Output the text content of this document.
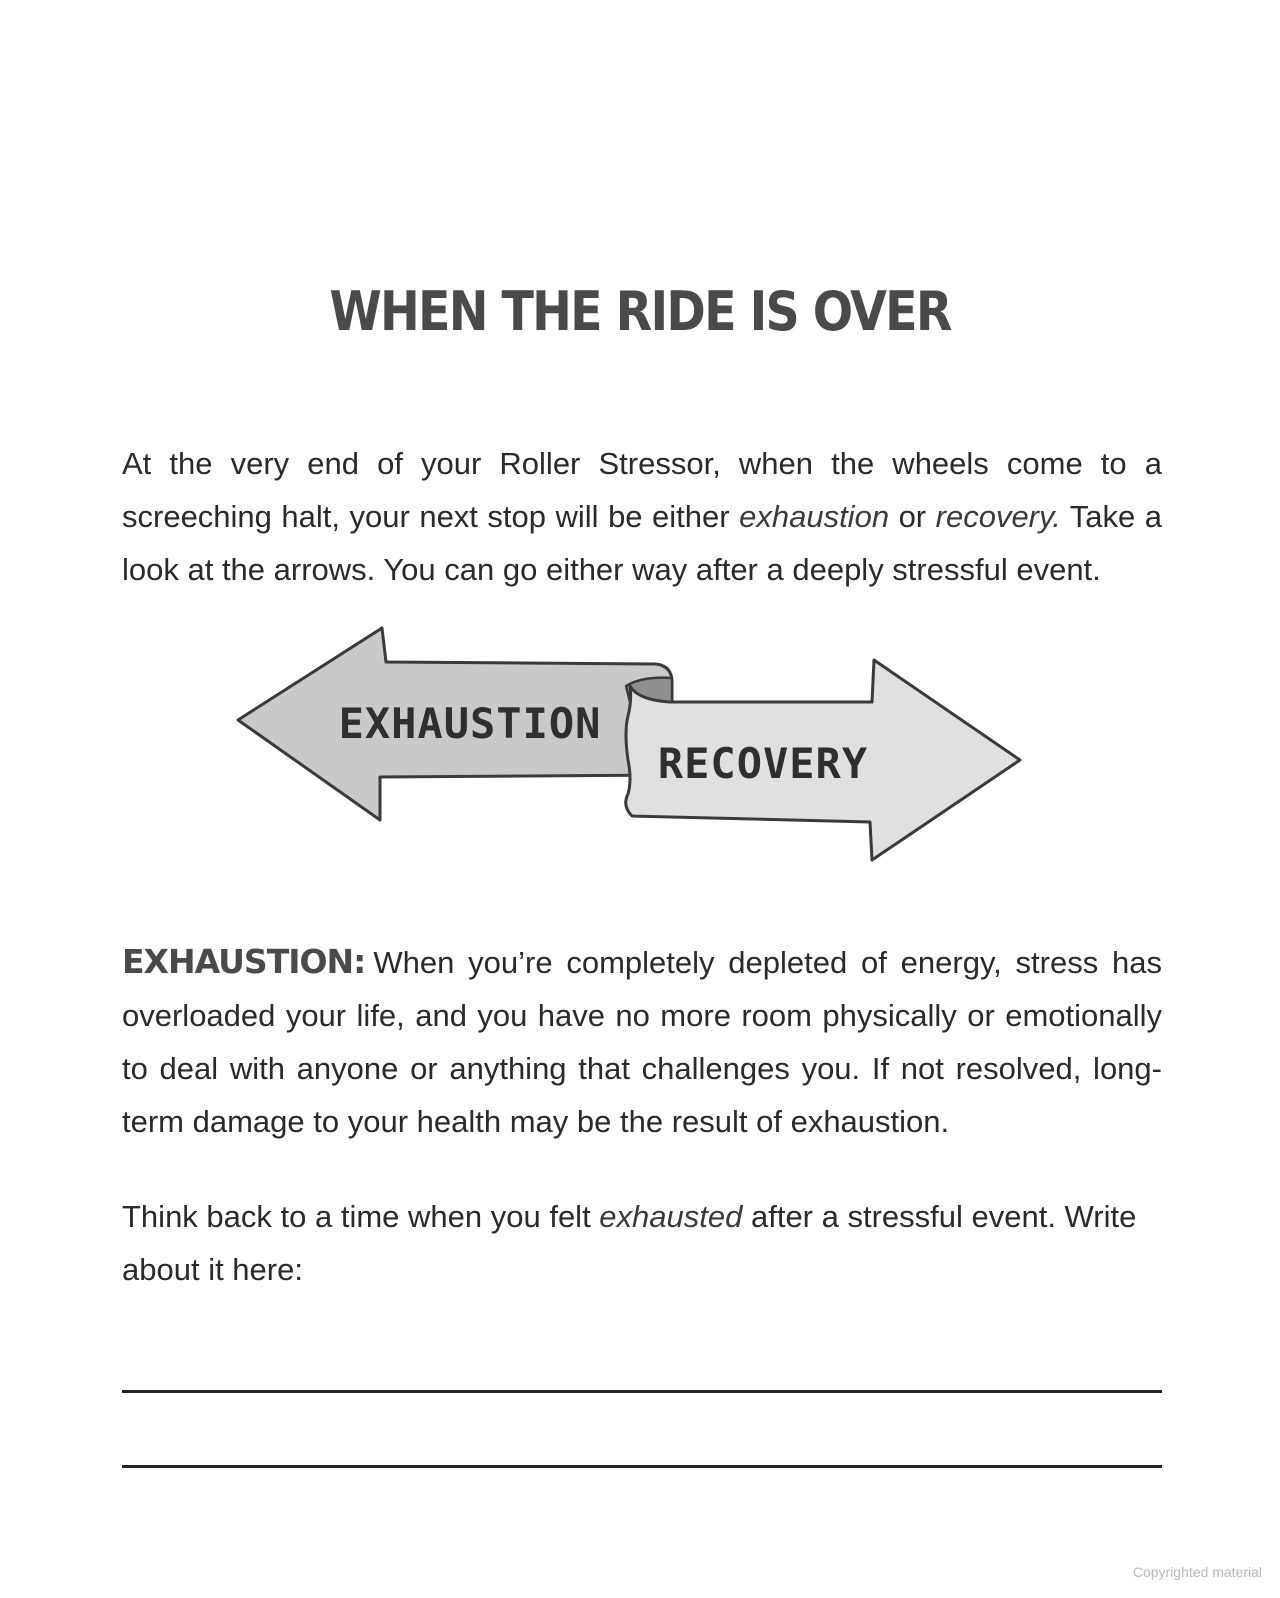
WHEN THE RIDE IS OVER

At the very end of your Roller Stressor, when the wheels come to a screeching halt, your next stop will be either exhaustion or recovery. Take a look at the arrows. You can go either way after a deeply stressful event.

EXHAUSTION
RECOVERY

EXHAUSTION: When you’re completely depleted of energy, stress has overloaded your life, and you have no more room physically or emotionally to deal with anyone or anything that challenges you. If not resolved, long-term damage to your health may be the result of exhaustion.

Think back to a time when you felt exhausted after a stressful event. Write about it here:

Copyrighted material
